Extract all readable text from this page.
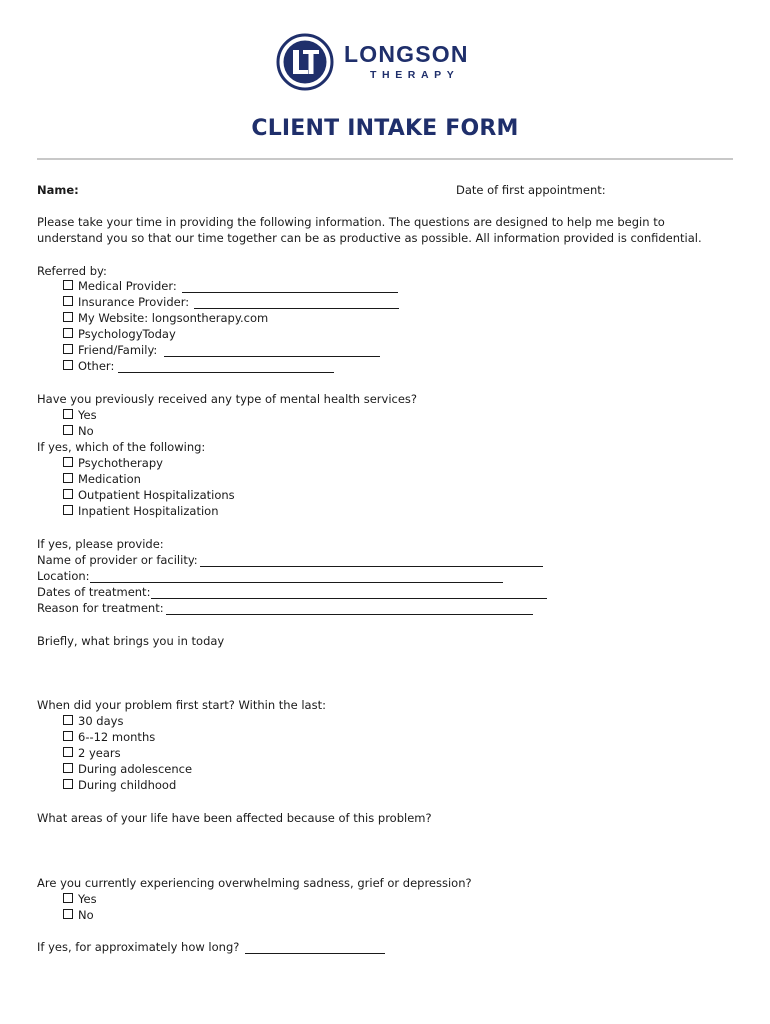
LONGSON
THERAPY
CLIENT INTAKE FORM
Name:	Date of first appointment:
Please take your time in providing the following information. The questions are designed to help me begin to
understand you so that our time together can be as productive as possible. All information provided is confidential.
Referred by:
Medical Provider:
Insurance Provider:
My Website: longsontherapy.com
PsychologyToday
Friend/Family:
Other:
Have you previously received any type of mental health services?
Yes
No
If yes, which of the following:
Psychotherapy
Medication
Outpatient Hospitalizations
Inpatient Hospitalization
If yes, please provide:
Name of provider or facility:
Location:
Dates of treatment:
Reason for treatment:
Briefly, what brings you in today
When did your problem first start? Within the last:
30 days
6--12 months
2 years
During adolescence
During childhood
What areas of your life have been affected because of this problem?
Are you currently experiencing overwhelming sadness, grief or depression?
Yes
No
If yes, for approximately how long?
